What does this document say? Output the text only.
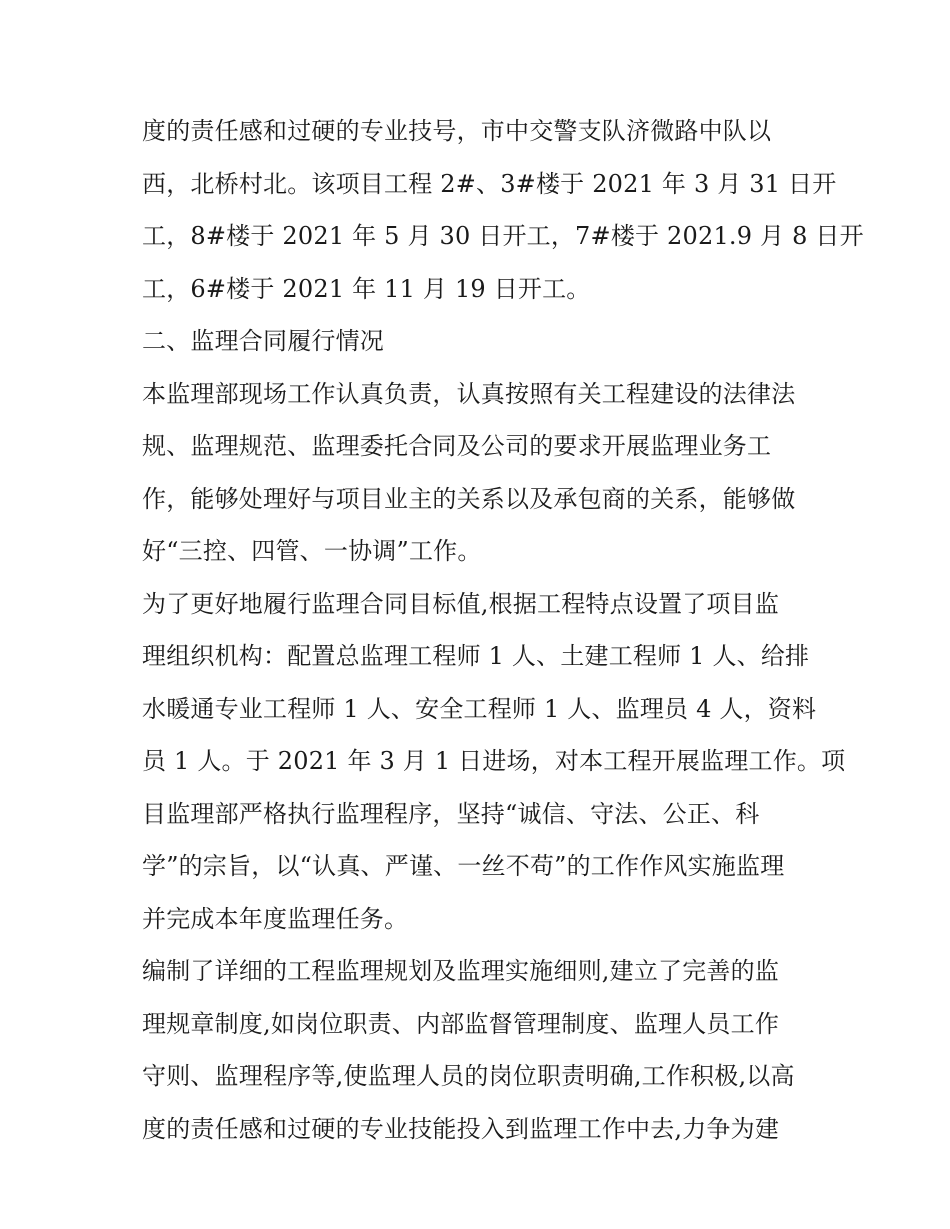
度的责任感和过硬的专业技号，市中交警支队济微路中队以
西，北桥村北。该项目工程 2#、3#楼于 2021 年 3 月 31 日开
工，8#楼于 2021 年 5 月 30 日开工，7#楼于 2021.9 月 8 日开
工，6#楼于 2021 年 11 月 19 日开工。
二、监理合同履行情况
本监理部现场工作认真负责，认真按照有关工程建设的法律法
规、监理规范、监理委托合同及公司的要求开展监理业务工
作，能够处理好与项目业主的关系以及承包商的关系，能够做
好“三控、四管、一协调”工作。
为了更好地履行监理合同目标值,根据工程特点设置了项目监
理组织机构：配置总监理工程师 1 人、土建工程师 1 人、给排
水暖通专业工程师 1 人、安全工程师 1 人、监理员 4 人，资料
员 1 人。于 2021 年 3 月 1 日进场，对本工程开展监理工作。项
目监理部严格执行监理程序，坚持“诚信、守法、公正、科
学”的宗旨，以“认真、严谨、一丝不苟”的工作作风实施监理
并完成本年度监理任务。
编制了详细的工程监理规划及监理实施细则,建立了完善的监
理规章制度,如岗位职责、内部监督管理制度、监理人员工作
守则、监理程序等,使监理人员的岗位职责明确,工作积极,以高
度的责任感和过硬的专业技能投入到监理工作中去,力争为建
